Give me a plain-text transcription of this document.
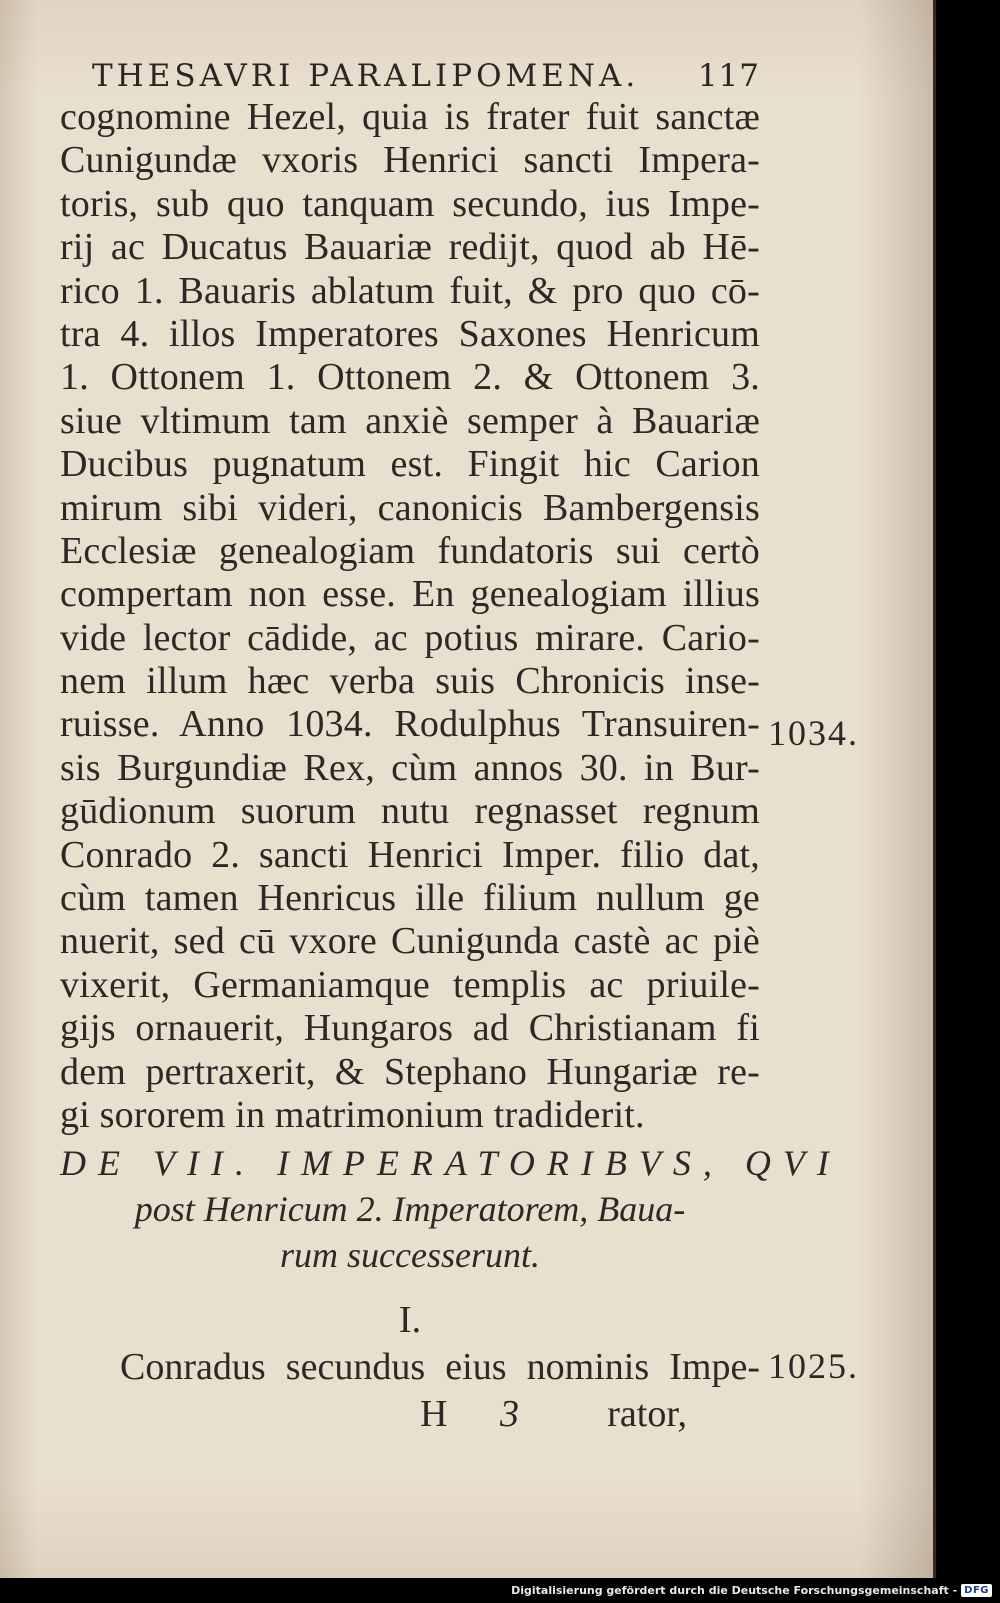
THESAVRI PARALIPOMENA. 117
cognomine Hezel, quia is frater fuit sanctæ
Cunigundæ vxoris Henrici sancti Impera-
toris, sub quo tanquam secundo, ius Impe-
rij ac Ducatus Bauariæ redijt, quod ab Hē-
rico 1. Bauaris ablatum fuit, & pro quo cō-
tra 4. illos Imperatores Saxones Henricum
1. Ottonem 1. Ottonem 2. & Ottonem 3.
siue vltimum tam anxiè semper à Bauariæ
Ducibus pugnatum est. Fingit hic Carion
mirum sibi videri, canonicis Bambergensis
Ecclesiæ genealogiam fundatoris sui certò
compertam non esse. En genealogiam illius
vide lector cādide, ac potius mirare. Cario-
nem illum hæc verba suis Chronicis inse-
ruisse. Anno 1034. Rodulphus Transuiren-
sis Burgundiæ Rex, cùm annos 30. in Bur-
gūdionum suorum nutu regnasset regnum
Conrado 2. sancti Henrici Imper. filio dat,
cùm tamen Henricus ille filium nullum ge
nuerit, sed cū vxore Cunigunda castè ac piè
vixerit, Germaniamque templis ac priuile-
gijs ornauerit, Hungaros ad Christianam fi
dem pertraxerit, & Stephano Hungariæ re-
gi sororem in matrimonium tradiderit.
DE VII. IMPERATORIBVS, QVI
post Henricum 2. Imperatorem, Baua-
rum successerunt.
I.
Conradus secundus eius nominis Impe-
H 3 rator,
1034.
1025.
Digitalisierung gefördert durch die Deutsche Forschungsgemeinschaft - DFG
